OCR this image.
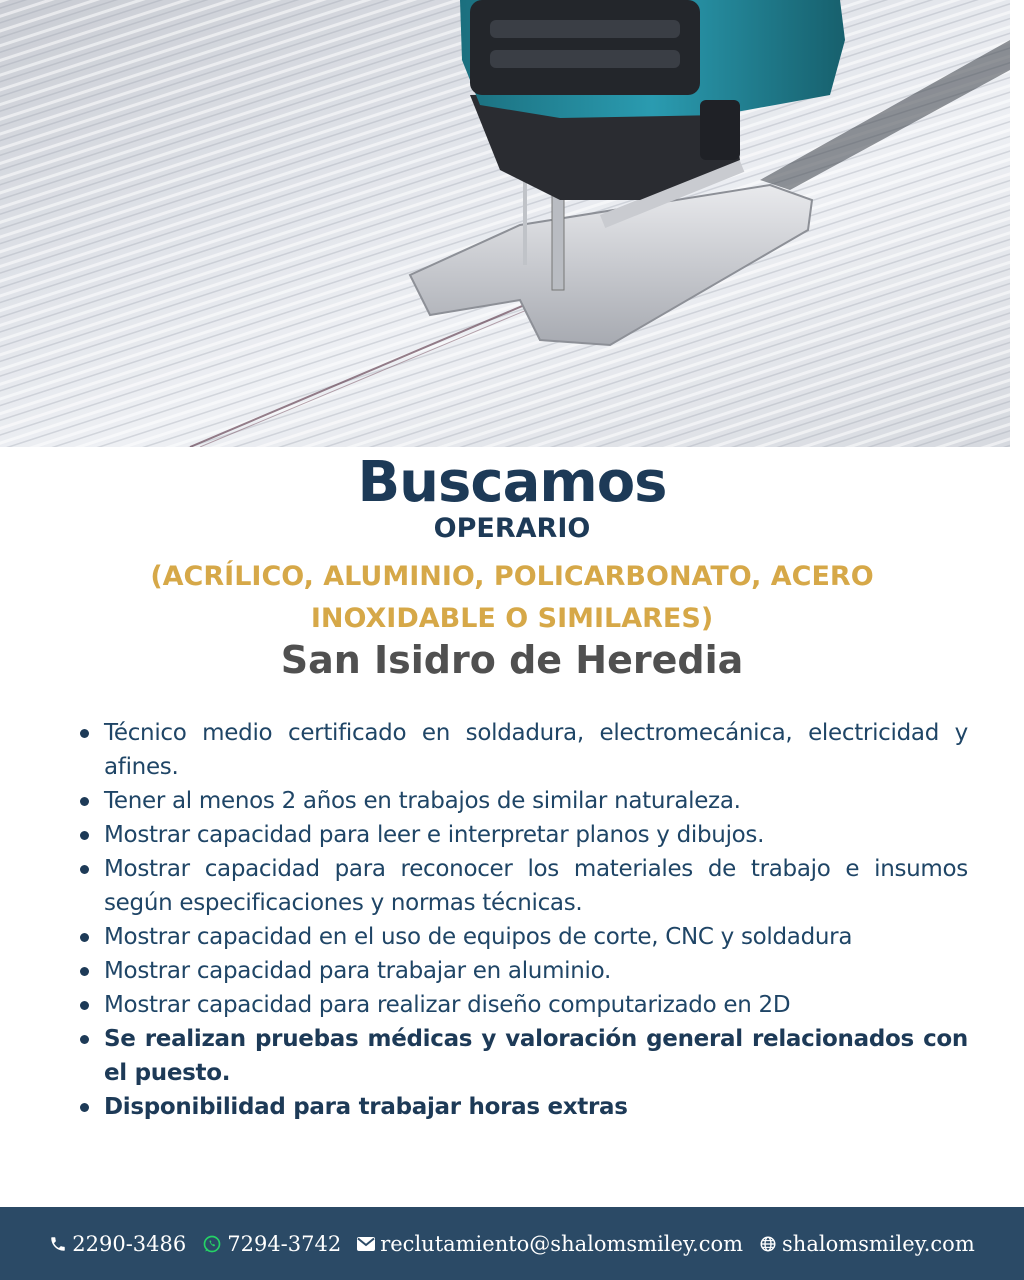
Buscamos
OPERARIO
(ACRÍLICO, ALUMINIO, POLICARBONATO, ACERO
INOXIDABLE O SIMILARES)
San Isidro de Heredia
Técnico medio certificado en soldadura, electromecánica, electricidad y afines.
Tener al menos 2 años en trabajos de similar naturaleza.
Mostrar capacidad para leer e interpretar planos y dibujos.
Mostrar capacidad para reconocer los materiales de trabajo e insumos según especificaciones y normas técnicas.
Mostrar capacidad en el uso de equipos de corte, CNC y soldadura
Mostrar capacidad para trabajar en aluminio.
Mostrar capacidad para realizar diseño computarizado en 2D
Se realizan pruebas médicas y valoración general relacionados con el puesto.
Disponibilidad para trabajar horas extras
2290-3486 7294-3742 reclutamiento@shalomsmiley.com shalomsmiley.com
